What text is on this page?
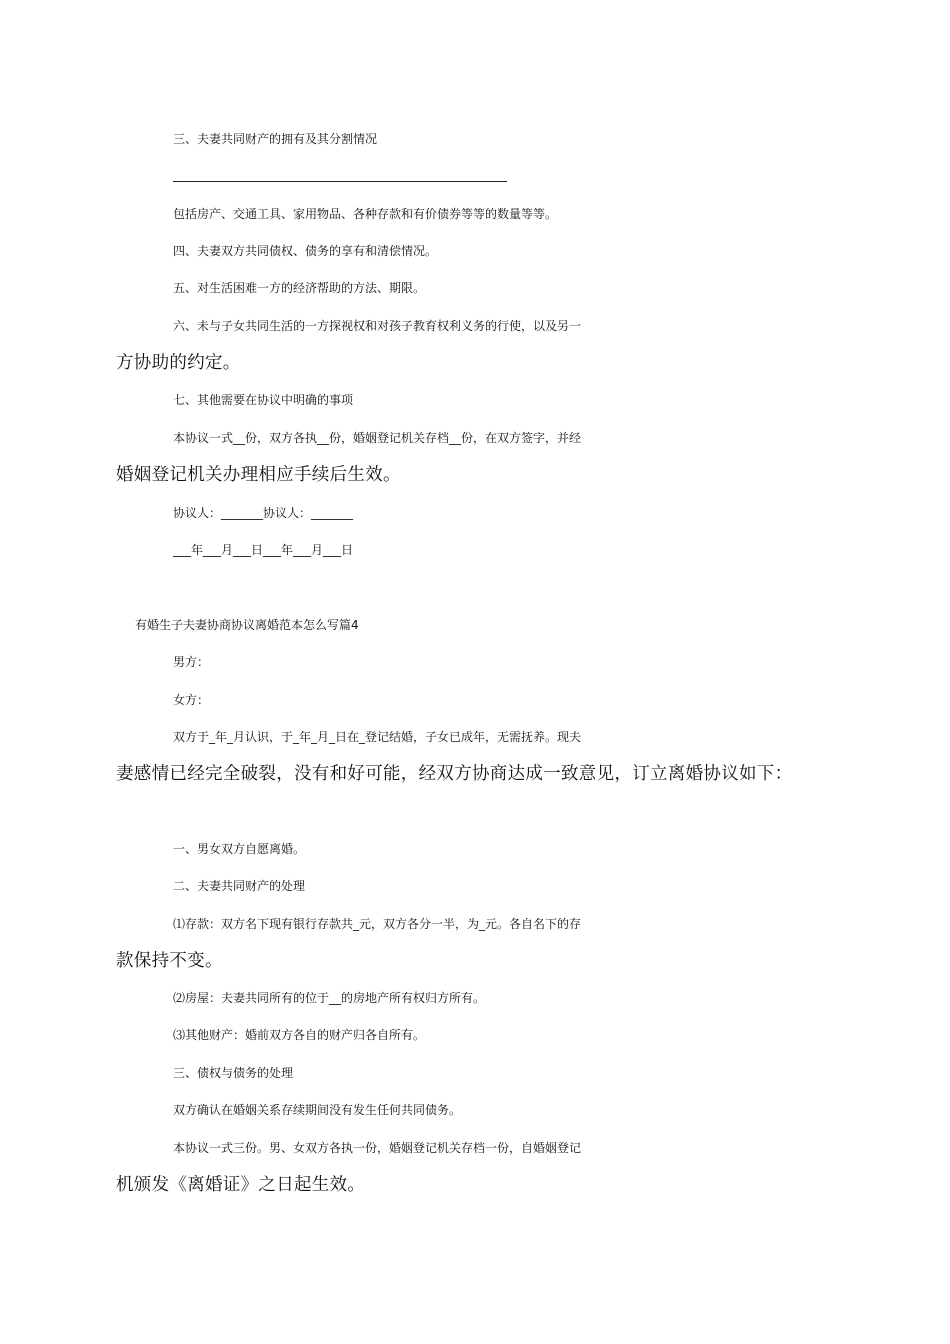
三、夫妻共同财产的拥有及其分割情况
包括房产、交通工具、家用物品、各种存款和有价债券等等的数量等等。
四、夫妻双方共同债权、债务的享有和清偿情况。
五、对生活困难一方的经济帮助的方法、期限。
六、未与子女共同生活的一方探视权和对孩子教育权利义务的行使，以及另一
方协助的约定。
七、其他需要在协议中明确的事项
本协议一式__份，双方各执__份，婚姻登记机关存档__份，在双方签字，并经
婚姻登记机关办理相应手续后生效。
协议人：_______协议人：_______
___年___月___日___年___月___日
有婚生子夫妻协商协议离婚范本怎么写篇4
男方：
女方：
双方于_年_月认识，于_年_月_日在_登记结婚，子女已成年，无需抚养。现夫
妻感情已经完全破裂，没有和好可能，经双方协商达成一致意见，订立离婚协议如下：
一、男女双方自愿离婚。
二、夫妻共同财产的处理
⑴存款：双方名下现有银行存款共_元，双方各分一半，为_元。各自名下的存
款保持不变。
⑵房屋：夫妻共同所有的位于__的房地产所有权归方所有。
⑶其他财产：婚前双方各自的财产归各自所有。
三、债权与债务的处理
双方确认在婚姻关系存续期间没有发生任何共同债务。
本协议一式三份。男、女双方各执一份，婚姻登记机关存档一份，自婚姻登记
机颁发《离婚证》之日起生效。
